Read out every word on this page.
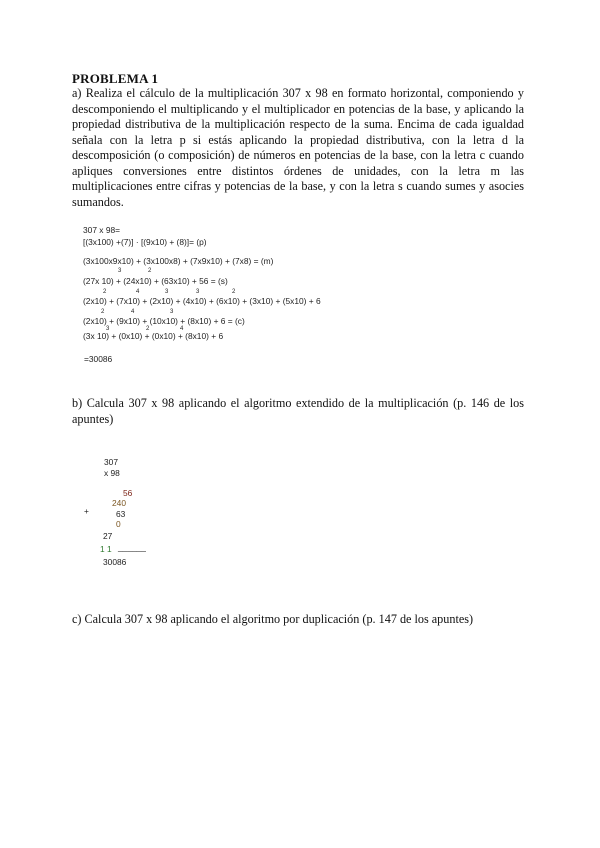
PROBLEMA 1

a) Realiza el cálculo de la multiplicación 307 x 98 en formato horizontal, componiendo y descomponiendo el multiplicando y el multiplicador en potencias de la base, y aplicando la propiedad distributiva de la multiplicación respecto de la suma. Encima de cada igualdad señala con la letra p si estás aplicando la propiedad distributiva, con la letra d la descomposición (o composición) de números en potencias de la base, con la letra c cuando apliques conversiones entre distintos órdenes de unidades, con la letra m las multiplicaciones entre cifras y potencias de la base, y con la letra s cuando sumes y asocies sumandos.

307 x 98=
[(3x100) +(7)] · [(9x10) + (8)]= (p)
(3x100x9x10) + (3x100x8) + (7x9x10) + (7x8) = (m)
3	2
(27x 10) + (24x10) + (63x10) + 56 = (s)
2	4	3	3	2
(2x10) + (7x10) + (2x10) + (4x10) + (6x10) + (3x10) + (5x10) + 6
2	4	3
(2x10) + (9x10) + (10x10) + (8x10) + 6 = (c)
3	2	4
(3x 10) + (0x10) + (0x10) + (8x10) + 6
=30086

b) Calcula 307 x 98 aplicando el algoritmo extendido de la multiplicación (p. 146 de los apuntes)

307
x 98
56
240
+	63
0
27
1 1 ______
30086

c) Calcula 307 x 98 aplicando el algoritmo por duplicación (p. 147 de los apuntes)
